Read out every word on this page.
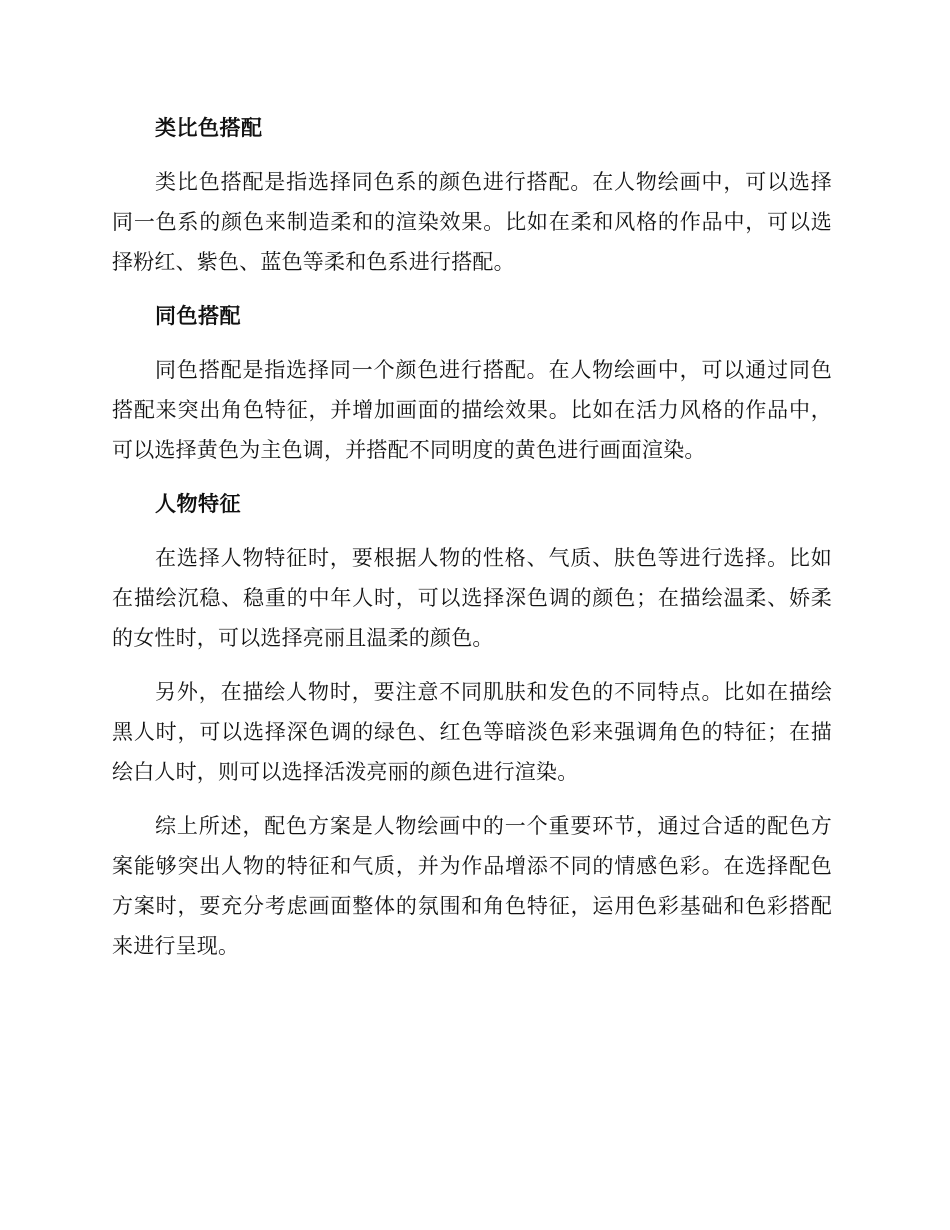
类比色搭配

类比色搭配是指选择同色系的颜色进行搭配。在人物绘画中，可以选择同一色系的颜色来制造柔和的渲染效果。比如在柔和风格的作品中，可以选择粉红、紫色、蓝色等柔和色系进行搭配。

同色搭配

同色搭配是指选择同一个颜色进行搭配。在人物绘画中，可以通过同色搭配来突出角色特征，并增加画面的描绘效果。比如在活力风格的作品中，可以选择黄色为主色调，并搭配不同明度的黄色进行画面渲染。

人物特征

在选择人物特征时，要根据人物的性格、气质、肤色等进行选择。比如在描绘沉稳、稳重的中年人时，可以选择深色调的颜色；在描绘温柔、娇柔的女性时，可以选择亮丽且温柔的颜色。

另外，在描绘人物时，要注意不同肌肤和发色的不同特点。比如在描绘黑人时，可以选择深色调的绿色、红色等暗淡色彩来强调角色的特征；在描绘白人时，则可以选择活泼亮丽的颜色进行渲染。

综上所述，配色方案是人物绘画中的一个重要环节，通过合适的配色方案能够突出人物的特征和气质，并为作品增添不同的情感色彩。在选择配色方案时，要充分考虑画面整体的氛围和角色特征，运用色彩基础和色彩搭配来进行呈现。
